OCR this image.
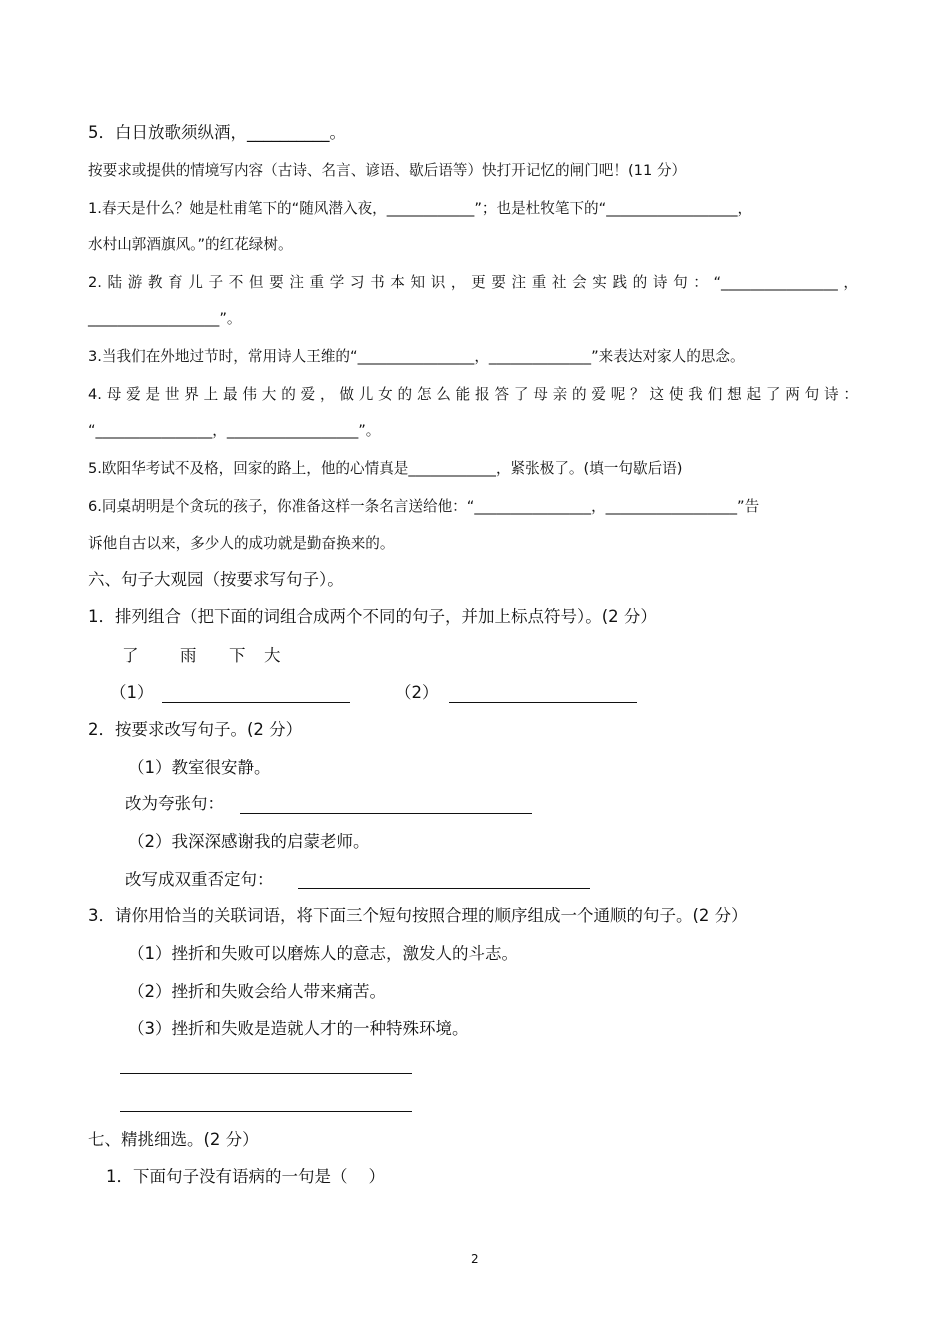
5．白日放歌须纵酒，__________。
按要求或提供的情境写内容（古诗、名言、谚语、歇后语等）快打开记忆的闸门吧！(11 分）
1.春天是什么？她是杜甫笔下的“随风潜入夜，____________”；也是杜牧笔下的“__________________，
水村山郭酒旗风。”的红花绿树。
2.陆游教育儿子不但要注重学习书本知识，更要注重社会实践的诗句：“________________，
__________________”。
3.当我们在外地过节时，常用诗人王维的“________________，______________”来表达对家人的思念。
4.母爱是世界上最伟大的爱，做儿女的怎么能报答了母亲的爱呢？这使我们想起了两句诗：
“________________，__________________”。
5.欧阳华考试不及格，回家的路上，他的心情真是____________，紧张极了。(填一句歇后语)
6.同桌胡明是个贪玩的孩子，你准备这样一条名言送给他：“________________，__________________”告
诉他自古以来，多少人的成功就是勤奋换来的。
六、句子大观园（按要求写句子）。
1．排列组合（把下面的词组合成两个不同的句子，并加上标点符号）。(2 分）
了	雨 下 大
（1）	（2）
2．按要求改写句子。(2 分）
（1）教室很安静。
改为夸张句：
（2）我深深感谢我的启蒙老师。
改写成双重否定句：
3．请你用恰当的关联词语，将下面三个短句按照合理的顺序组成一个通顺的句子。(2 分）
（1）挫折和失败可以磨炼人的意志，激发人的斗志。
（2）挫折和失败会给人带来痛苦。
（3）挫折和失败是造就人才的一种特殊环境。
七、精挑细选。(2 分）
1．下面句子没有语病的一句是（    ）
2
